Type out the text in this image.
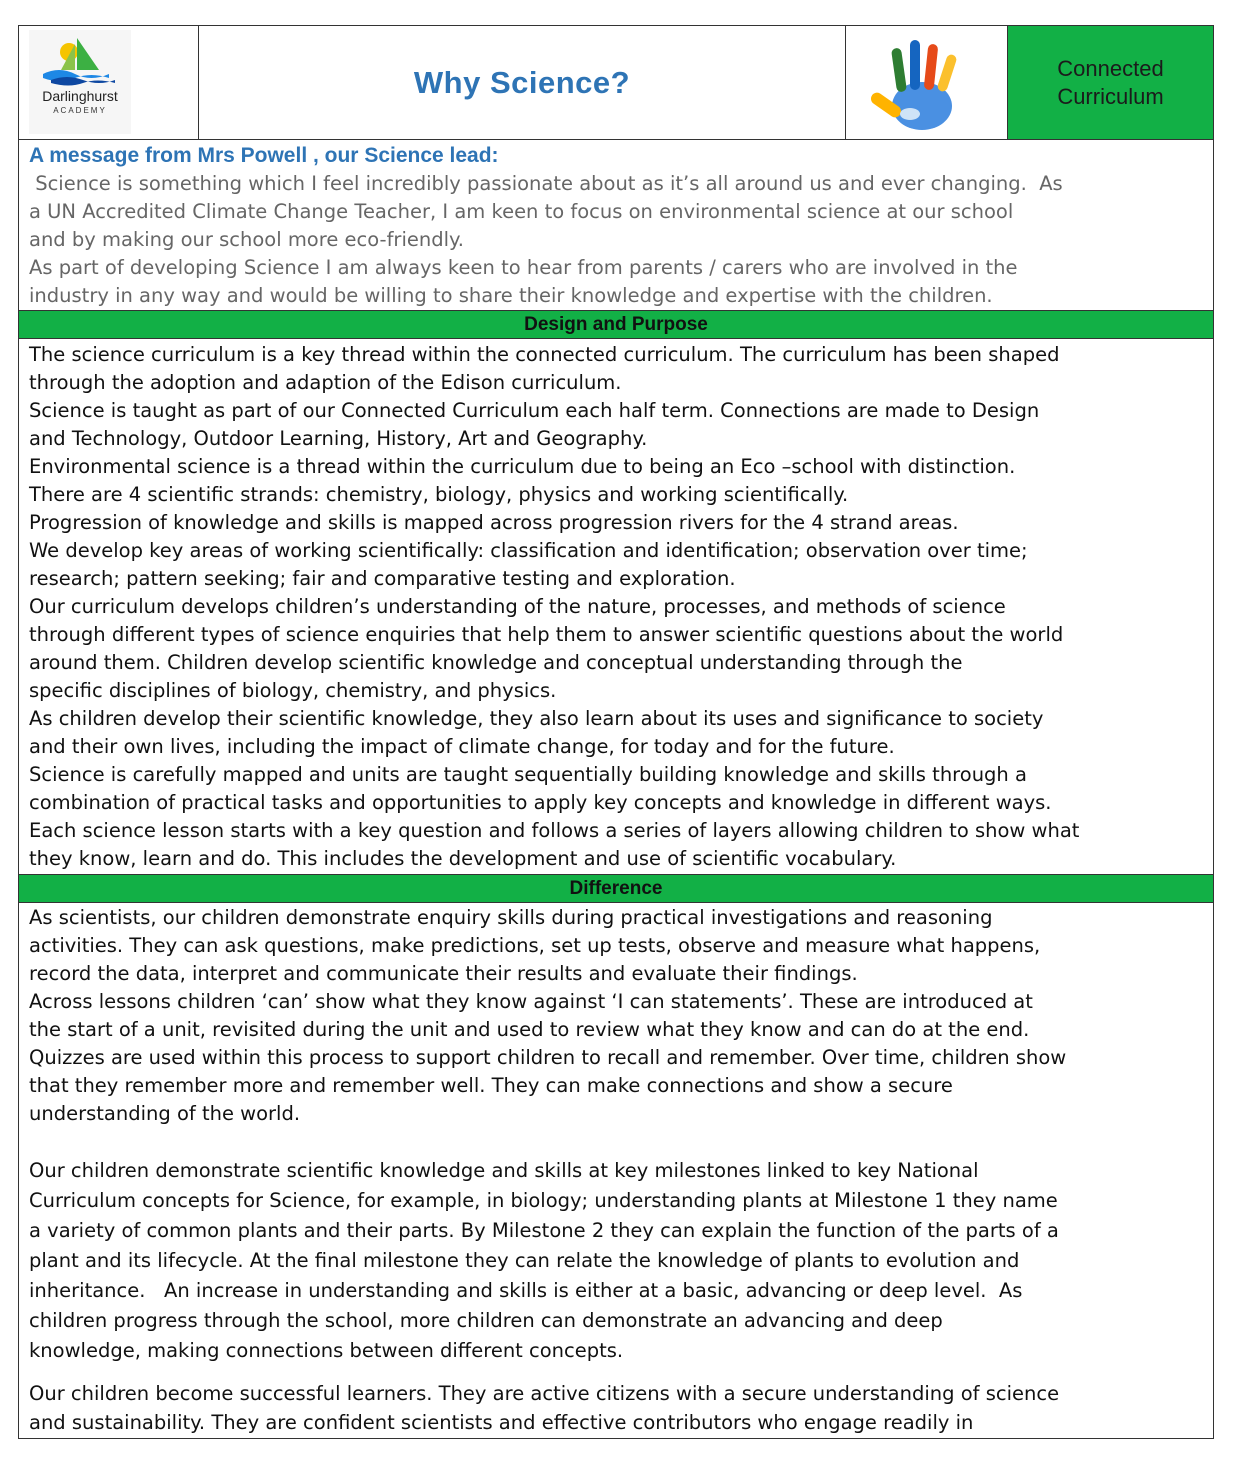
Darlinghurst
ACADEMY
Why Science?	Connected
Curriculum
A message from Mrs Powell , our Science lead:
Science is something which I feel incredibly passionate about as it’s all around us and ever changing.  As
a UN Accredited Climate Change Teacher, I am keen to focus on environmental science at our school
and by making our school more eco-friendly.
As part of developing Science I am always keen to hear from parents / carers who are involved in the
industry in any way and would be willing to share their knowledge and expertise with the children.
Design and Purpose
The science curriculum is a key thread within the connected curriculum. The curriculum has been shaped
through the adoption and adaption of the Edison curriculum.
Science is taught as part of our Connected Curriculum each half term. Connections are made to Design
and Technology, Outdoor Learning, History, Art and Geography.
Environmental science is a thread within the curriculum due to being an Eco –school with distinction.
There are 4 scientific strands: chemistry, biology, physics and working scientifically.
Progression of knowledge and skills is mapped across progression rivers for the 4 strand areas.
We develop key areas of working scientifically: classification and identification; observation over time;
research; pattern seeking; fair and comparative testing and exploration.
Our curriculum develops children’s understanding of the nature, processes, and methods of science
through different types of science enquiries that help them to answer scientific questions about the world
around them. Children develop scientific knowledge and conceptual understanding through the
specific disciplines of biology, chemistry, and physics.
As children develop their scientific knowledge, they also learn about its uses and significance to society
and their own lives, including the impact of climate change, for today and for the future.
Science is carefully mapped and units are taught sequentially building knowledge and skills through a
combination of practical tasks and opportunities to apply key concepts and knowledge in different ways.
Each science lesson starts with a key question and follows a series of layers allowing children to show what
they know, learn and do. This includes the development and use of scientific vocabulary.
Difference
As scientists, our children demonstrate enquiry skills during practical investigations and reasoning
activities. They can ask questions, make predictions, set up tests, observe and measure what happens,
record the data, interpret and communicate their results and evaluate their findings.
Across lessons children ‘can’ show what they know against ‘I can statements’. These are introduced at
the start of a unit, revisited during the unit and used to review what they know and can do at the end.
Quizzes are used within this process to support children to recall and remember. Over time, children show
that they remember more and remember well. They can make connections and show a secure
understanding of the world.
Our children demonstrate scientific knowledge and skills at key milestones linked to key National
Curriculum concepts for Science, for example, in biology; understanding plants at Milestone 1 they name
a variety of common plants and their parts. By Milestone 2 they can explain the function of the parts of a
plant and its lifecycle. At the final milestone they can relate the knowledge of plants to evolution and
inheritance.   An increase in understanding and skills is either at a basic, advancing or deep level.  As
children progress through the school, more children can demonstrate an advancing and deep
knowledge, making connections between different concepts.
Our children become successful learners. They are active citizens with a secure understanding of science
and sustainability. They are confident scientists and effective contributors who engage readily in
